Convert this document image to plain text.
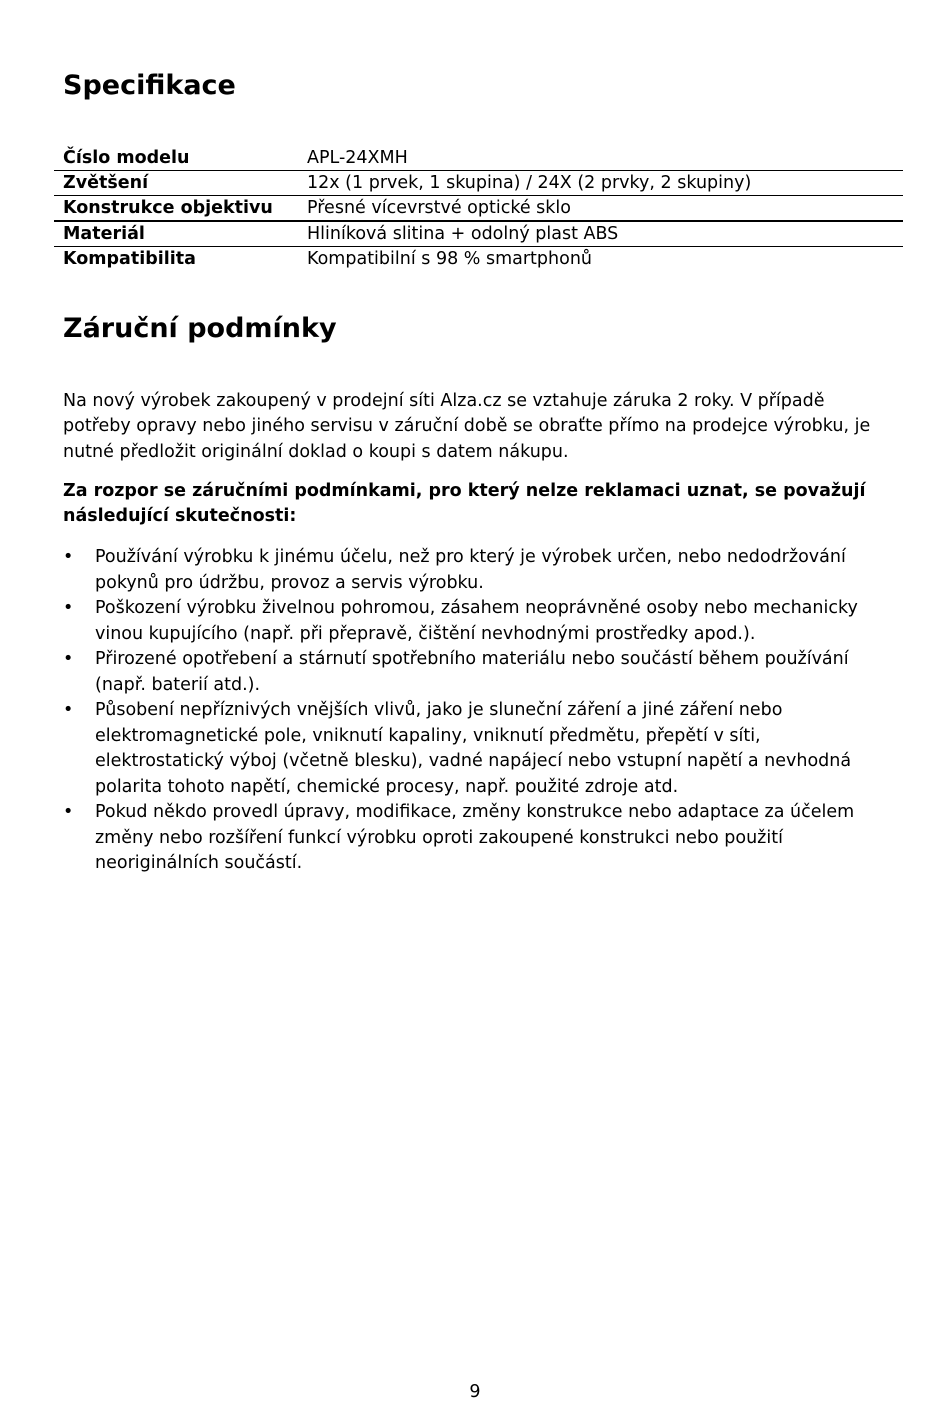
Specifikace
Číslo modelu	APL-24XMH
Zvětšení	12x (1 prvek, 1 skupina) / 24X (2 prvky, 2 skupiny)
Konstrukce objektivu	Přesné vícevrstvé optické sklo
Materiál	Hliníková slitina + odolný plast ABS
Kompatibilita	Kompatibilní s 98 % smartphonů
Záruční podmínky

Na nový výrobek zakoupený v prodejní síti Alza.cz se vztahuje záruka 2 roky. V případě potřeby opravy nebo jiného servisu v záruční době se obraťte přímo na prodejce výrobku, je nutné předložit originální doklad o koupi s datem nákupu.

Za rozpor se záručními podmínkami, pro který nelze reklamaci uznat, se považují následující skutečnosti:

• Používání výrobku k jinému účelu, než pro který je výrobek určen, nebo nedodržování pokynů pro údržbu, provoz a servis výrobku.
• Poškození výrobku živelnou pohromou, zásahem neoprávněné osoby nebo mechanicky vinou kupujícího (např. při přepravě, čištění nevhodnými prostředky apod.).
• Přirozené opotřebení a stárnutí spotřebního materiálu nebo součástí během používání (např. baterií atd.).
• Působení nepříznivých vnějších vlivů, jako je sluneční záření a jiné záření nebo elektromagnetické pole, vniknutí kapaliny, vniknutí předmětu, přepětí v síti, elektrostatický výboj (včetně blesku), vadné napájecí nebo vstupní napětí a nevhodná polarita tohoto napětí, chemické procesy, např. použité zdroje atd.
• Pokud někdo provedl úpravy, modifikace, změny konstrukce nebo adaptace za účelem změny nebo rozšíření funkcí výrobku oproti zakoupené konstrukci nebo použití neoriginálních součástí.
9
